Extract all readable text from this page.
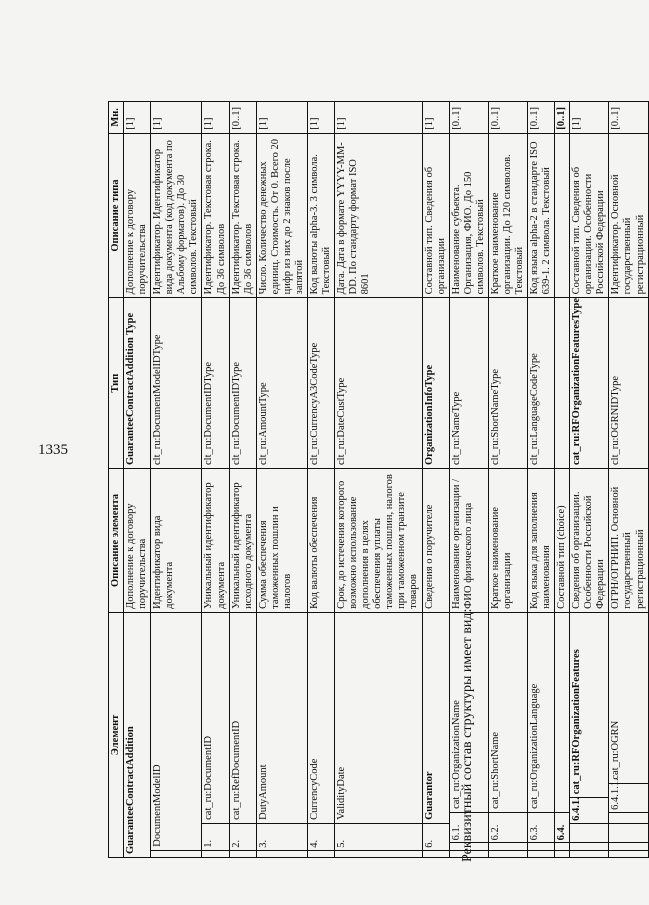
1335
Реквизитный состав структуры имеет вид:
Элемент							Описание элемента	Тип	Описание типа	Мн.
GuaranteeContractAddition							Дополнение к договору поручительства	GuaranteeContractAddition Type	Дополнение к договору поручительства	[1]
	DocumentModelID						Идентификатор вида документа	clt_ru:DocumentModelIDType	Идентификатор. Идентификатор вида документа (код документа по Альбому форматов). До 30 символов. Текстовый	[1]
	1.		cat_ru:DocumentID				Уникальный идентификатор документа	clt_ru:DocumentIDType	Идентификатор. Текстовая строка. До 36 символов	[1]
	2.		cat_ru:RefDocumentID				Уникальный идентификатор исходного документа	clt_ru:DocumentIDType	Идентификатор. Текстовая строка. До 36 символов	[0..1]
	3.		DutyAmount				Сумма обеспечения таможенных пошлин и налогов	clt_ru:AmountType	Число. Количество денежных единиц. Стоимость. От 0. Всего 20 цифр из них до 2 знаков после запятой	[1]
	4.		CurrencyCode				Код валюты обеспечения	clt_ru:CurrencyA3CodeType	Код валюты alpha-3. 3 символа. Текстовый	[1]
	5.		ValidityDate				Срок, до истечения которого возможно использование дополнения в целях обеспечения уплаты таможенных пошлин, налогов при таможенном транзите товаров	clt_ru:DateCustType	Дата. Дата в формате YYYY-MM-DD. По стандарту формат ISO 8601	[1]
	6.		Guarantor				Сведения о поручителе	OrganizationInfoType	Составной тип. Сведения об организации	[1]
		6.1.		cat_ru:OrganizationName			Наименование организации / ФИО физического лица	clt_ru:NameType	Наименование субъекта. Организация, ФИО. До 150 символов. Текстовый	[0..1]
		6.2.		cat_ru:ShortName			Краткое наименование организации	clt_ru:ShortNameType	Краткое наименование организации. До 120 символов. Текстовый	[0..1]
		6.3.		cat_ru:OrganizationLanguage			Код языка для заполнения наименования	clt_ru:LanguageCodeType	Код языка alpha-2 в стандарте ISO 639-1. 2 символа. Текстовый	[0..1]
		6.4.					Составной тип (choice)			[0..1]
			6.4.1.		cat_ru:RFOrganizationFeatures		Сведения об организации. Особенности Российской Федерации	cat_ru:RFOrganizationFeaturesType	Составной тип. Сведения об организации. Особенности Российской Федерации	[1]
				6.4.1.1.		cat_ru:OGRN	ОГРН/ОГРНИП. Основной государственный регистрационный	clt_ru:OGRNIDType	Идентификатор. Основной государственный регистрационный	[0..1]
